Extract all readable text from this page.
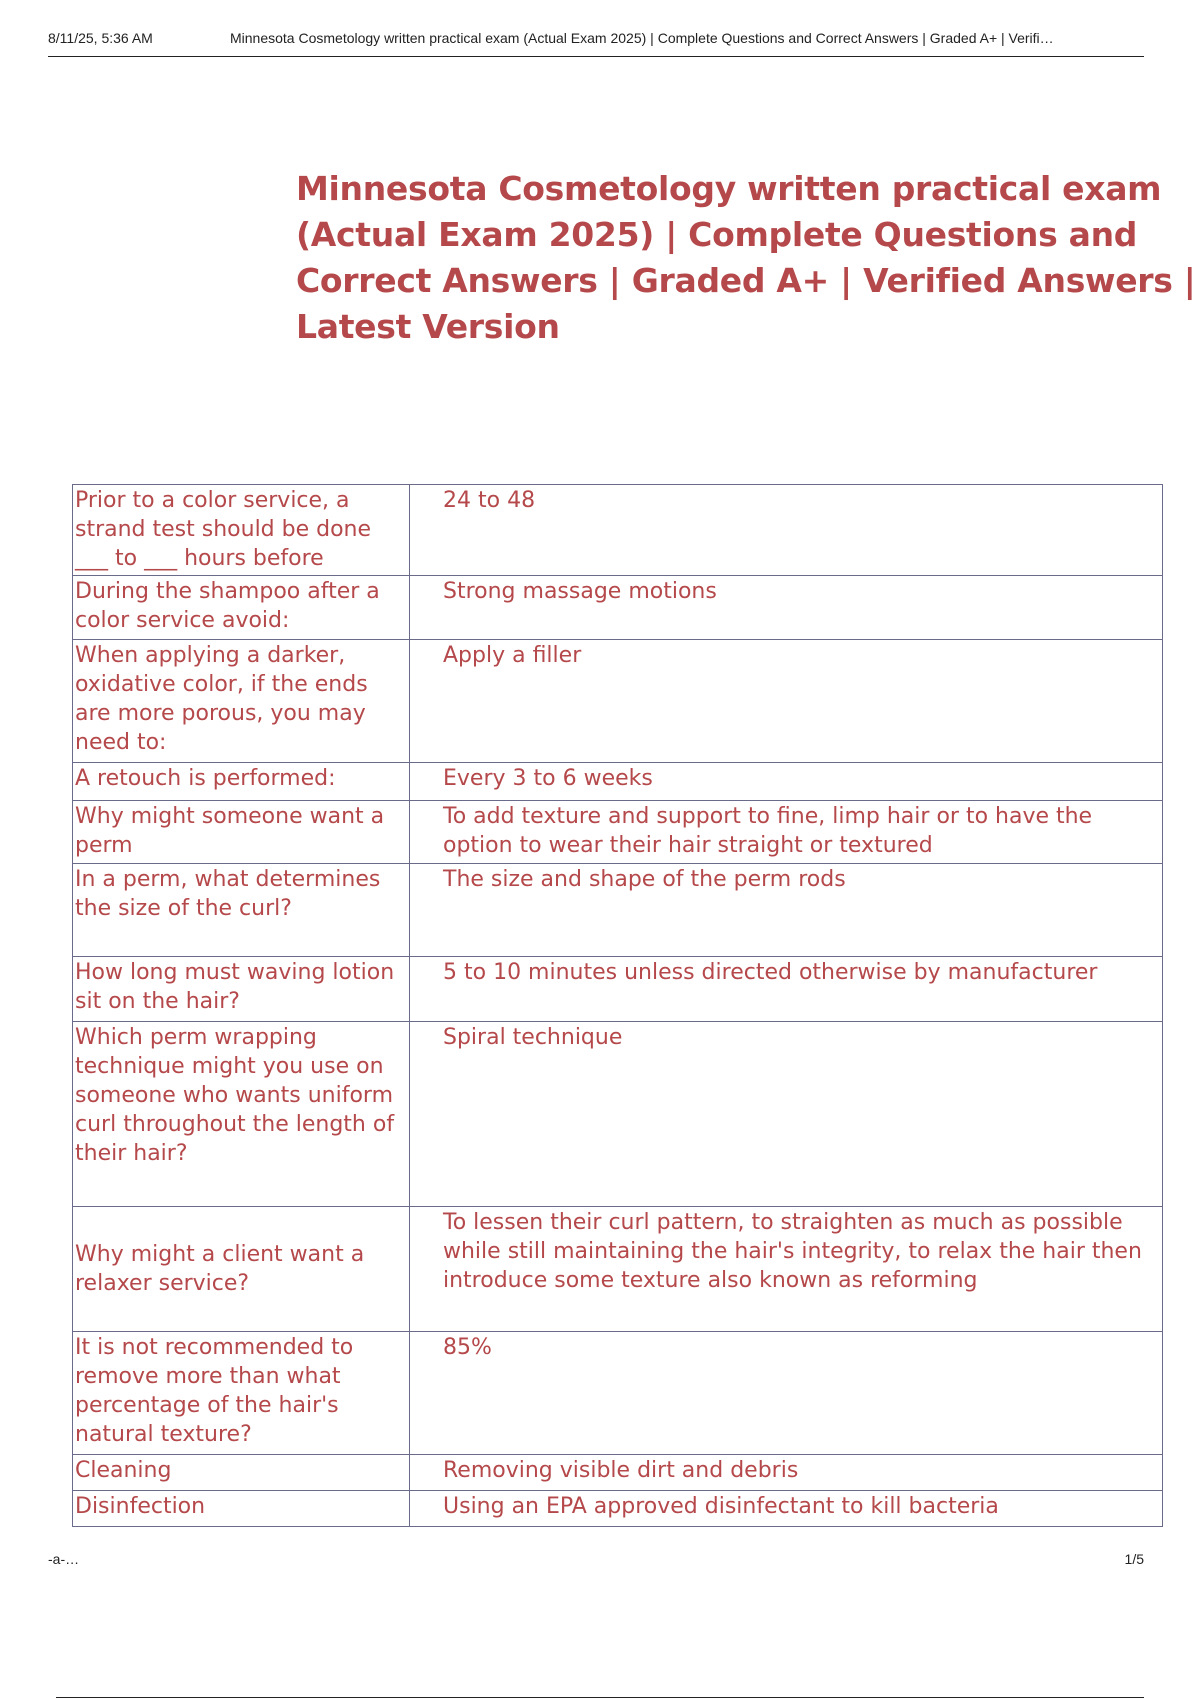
8/11/25, 5:36 AM	Minnesota Cosmetology written practical exam (Actual Exam 2025) | Complete Questions and Correct Answers | Graded A+ | Verifi…
Minnesota Cosmetology written practical exam (Actual Exam 2025) | Complete Questions and Correct Answers | Graded A+ | Verified Answers | Latest Version
Prior to a color service, a strand test should be done ___ to ___ hours before	24 to 48
During the shampoo after a color service avoid:	Strong massage motions
When applying a darker, oxidative color, if the ends are more porous, you may need to:	Apply a filler
A retouch is performed:	Every 3 to 6 weeks
Why might someone want a perm	To add texture and support to fine, limp hair or to have the option to wear their hair straight or textured
In a perm, what determines the size of the curl?	The size and shape of the perm rods
How long must waving lotion sit on the hair?	5 to 10 minutes unless directed otherwise by manufacturer
Which perm wrapping technique might you use on someone who wants uniform curl throughout the length of their hair?	Spiral technique
Why might a client want a relaxer service?	To lessen their curl pattern, to straighten as much as possible while still maintaining the hair's integrity, to relax the hair then introduce some texture also known as reforming
It is not recommended to remove more than what percentage of the hair's natural texture?	85%
Cleaning	Removing visible dirt and debris
Disinfection	Using an EPA approved disinfectant to kill bacteria
-a-…	1/5
